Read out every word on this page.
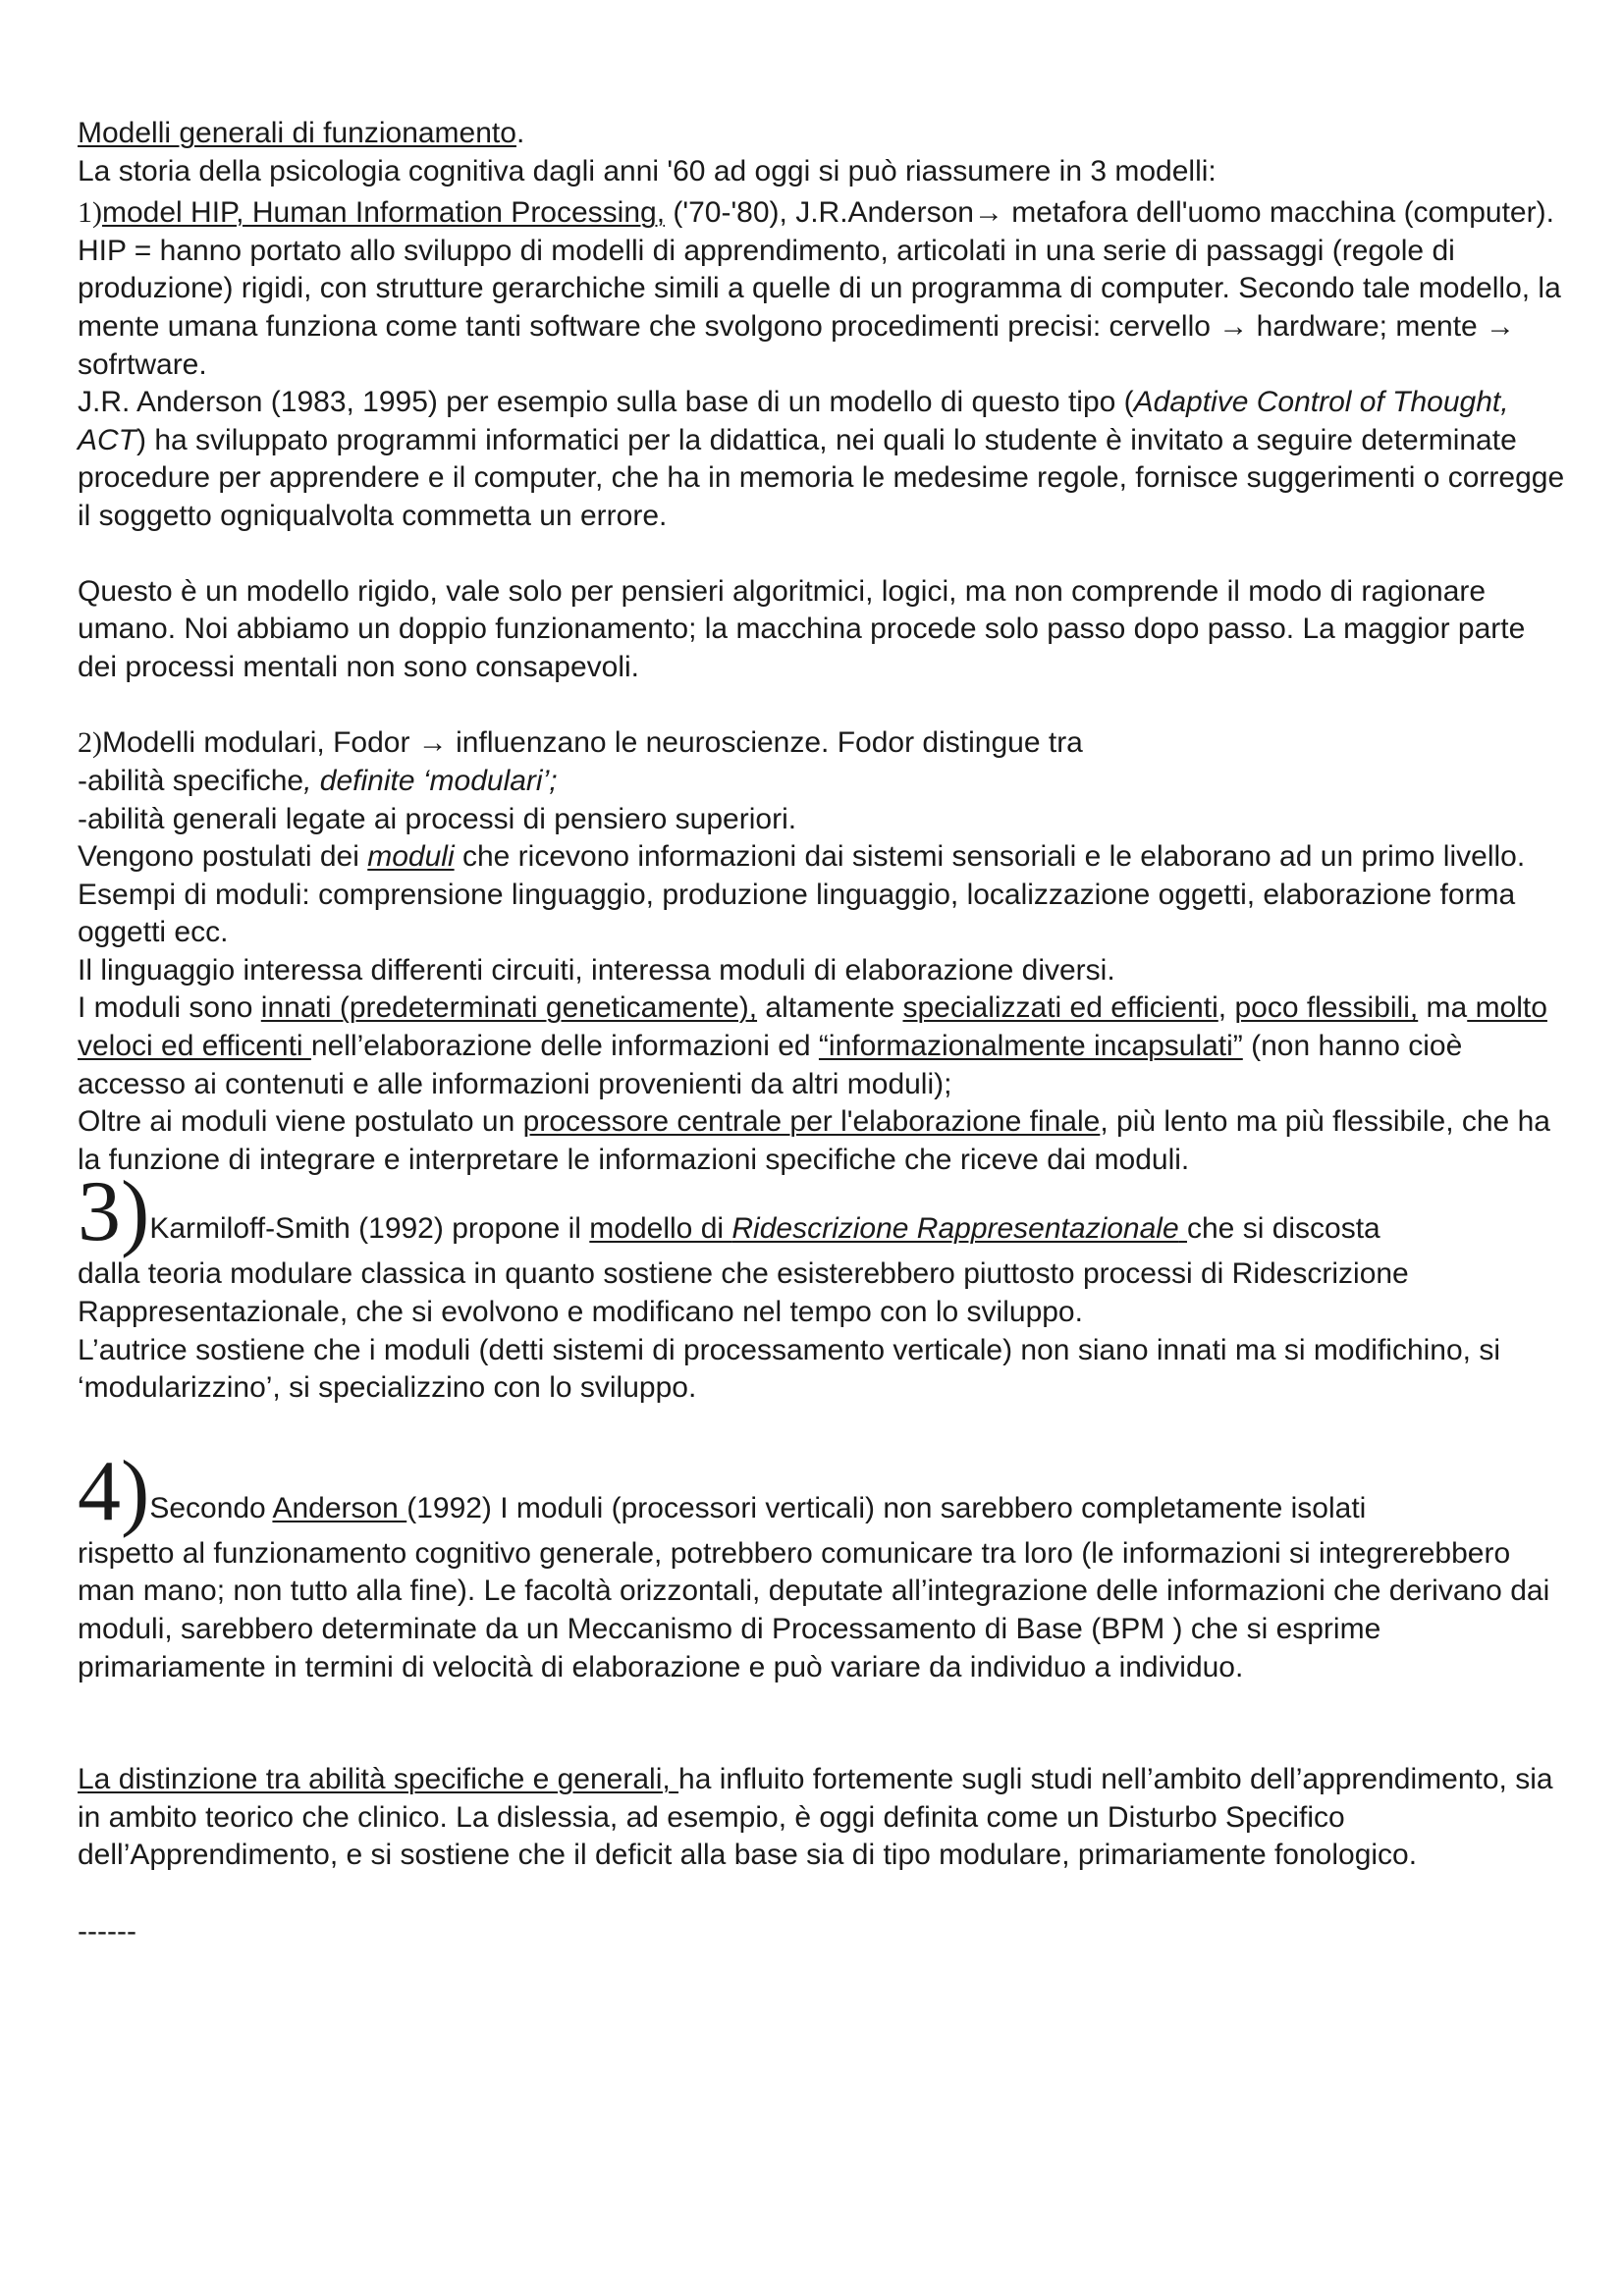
Modelli generali di funzionamento.

La storia della psicologia cognitiva dagli anni '60 ad oggi si può riassumere in 3 modelli:

1)model HIP, Human Information Processing, ('70-'80), J.R.Anderson→ metafora dell'uomo macchina (computer).

HIP = hanno portato allo sviluppo di modelli di apprendimento, articolati in una serie di passaggi (regole di produzione) rigidi, con strutture gerarchiche simili a quelle di un programma di computer. Secondo tale modello, la mente umana funziona come tanti software che svolgono procedimenti precisi: cervello → hardware; mente → sofrtware.

J.R. Anderson (1983, 1995) per esempio sulla base di un modello di questo tipo (Adaptive Control of Thought, ACT) ha sviluppato programmi informatici per la didattica, nei quali lo studente è invitato a seguire determinate procedure per apprendere e il computer, che ha in memoria le medesime regole, fornisce suggerimenti o corregge il soggetto ogniqualvolta commetta un errore.

Questo è un modello rigido, vale solo per pensieri algoritmici, logici, ma non comprende il modo di ragionare umano. Noi abbiamo un doppio funzionamento; la macchina procede solo passo dopo passo. La maggior parte dei processi mentali non sono consapevoli.

2)Modelli modulari, Fodor → influenzano le neuroscienze. Fodor distingue tra

-abilità specifiche, definite ‘modulari’;

-abilità generali legate ai processi di pensiero superiori.

Vengono postulati dei moduli che ricevono informazioni dai sistemi sensoriali e le elaborano ad un primo livello.

Esempi di moduli: comprensione linguaggio, produzione linguaggio, localizzazione oggetti, elaborazione forma oggetti ecc.

Il linguaggio interessa differenti circuiti, interessa moduli di elaborazione diversi.

I moduli sono innati (predeterminati geneticamente), altamente specializzati ed efficienti, poco flessibili, ma molto veloci ed efficenti nell’elaborazione delle informazioni ed “informazionalmente incapsulati” (non hanno cioè accesso ai contenuti e alle informazioni provenienti da altri moduli);

Oltre ai moduli viene postulato un processore centrale per l'elaborazione finale, più lento ma più flessibile, che ha la funzione di integrare e interpretare le informazioni specifiche che riceve dai moduli.

3)Karmiloff-Smith (1992) propone il modello di Ridescrizione Rappresentazionale che si discosta
dalla teoria modulare classica in quanto sostiene che esisterebbero piuttosto processi di Ridescrizione Rappresentazionale, che si evolvono e modificano nel tempo con lo sviluppo.

L’autrice sostiene che i moduli (detti sistemi di processamento verticale) non siano innati ma si modifichino, si ‘modularizzino’, si specializzino con lo sviluppo.

4)Secondo Anderson (1992) I moduli (processori verticali) non sarebbero completamente isolati
rispetto al funzionamento cognitivo generale, potrebbero comunicare tra loro (le informazioni si integrerebbero man mano; non tutto alla fine). Le facoltà orizzontali, deputate all’integrazione delle informazioni che derivano dai moduli, sarebbero determinate da un Meccanismo di Processamento di Base (BPM ) che si esprime primariamente in termini di velocità di elaborazione e può variare da individuo a individuo.

La distinzione tra abilità specifiche e generali, ha influito fortemente sugli studi nell’ambito dell’apprendimento, sia in ambito teorico che clinico. La dislessia, ad esempio, è oggi definita come un Disturbo Specifico dell’Apprendimento, e si sostiene che il deficit alla base sia di tipo modulare, primariamente fonologico.

------
